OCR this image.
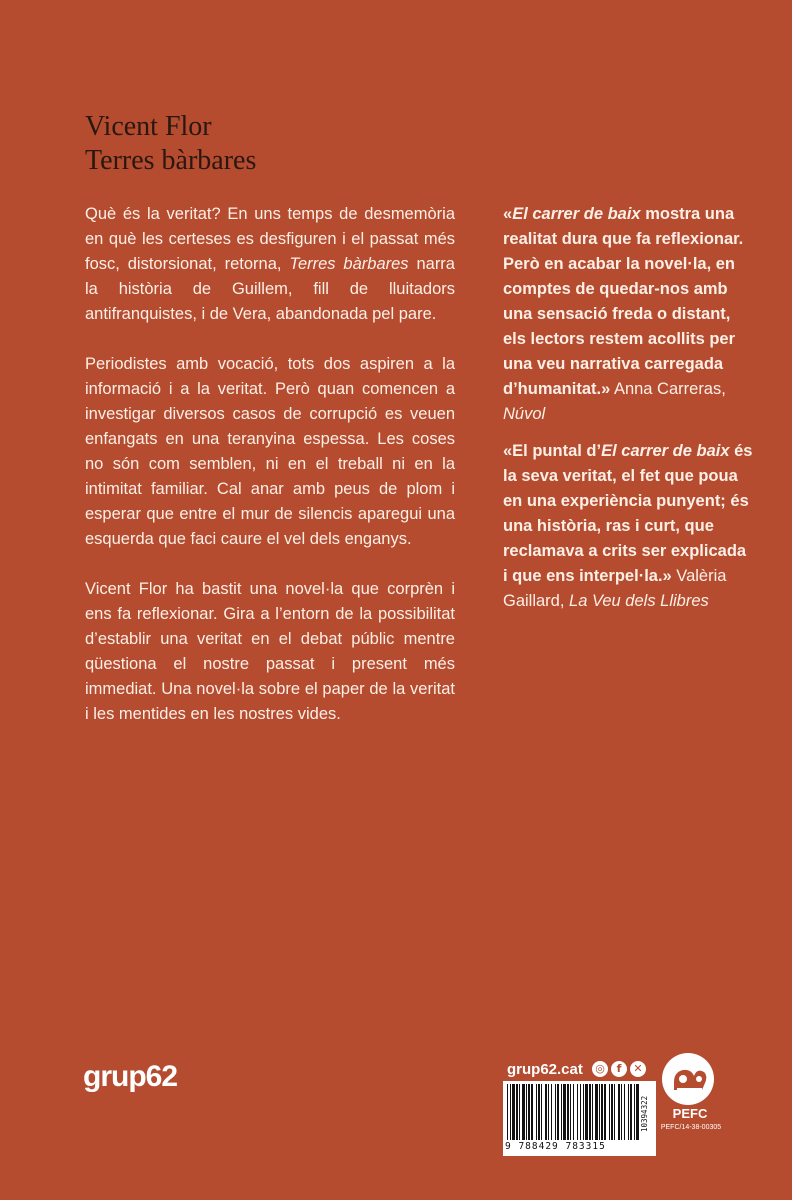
Vicent Flor
Terres bàrbares

Què és la veritat? En uns temps de desmemòria en què les certeses es desfiguren i el passat més fosc, distorsionat, retorna, Terres bàrbares narra la història de Guillem, fill de lluitadors antifranquistes, i de Vera, abandonada pel pare.

Periodistes amb vocació, tots dos aspiren a la informació i a la veritat. Però quan comencen a investigar diversos casos de corrupció es veuen enfangats en una teranyina espessa. Les coses no són com semblen, ni en el treball ni en la intimitat familiar. Cal anar amb peus de plom i esperar que entre el mur de silencis aparegui una esquerda que faci caure el vel dels enganys.

Vicent Flor ha bastit una novel·la que corprèn i ens fa reflexionar. Gira a l’entorn de la possibilitat d’establir una veritat en el debat públic mentre qüestiona el nostre passat i present més immediat. Una novel·la sobre el paper de la veritat i les mentides en les nostres vides.

«El carrer de baix mostra una realitat dura que fa reflexionar. Però en acabar la novel·la, en comptes de quedar-nos amb una sensació freda o distant, els lectors restem acollits per una veu narrativa carregada d’humanitat.» Anna Carreras, Núvol

«El puntal d’El carrer de baix és la seva veritat, el fet que poua en una experiència punyent; és una història, ras i curt, que reclamava a crits ser explicada i que ens interpel·la.» Valèria Gaillard, La Veu dels Llibres

grup62	grup62.cat ◎	f	✕
10394322
9 788429 783315
PEFC
PEFC/14-38-00305
